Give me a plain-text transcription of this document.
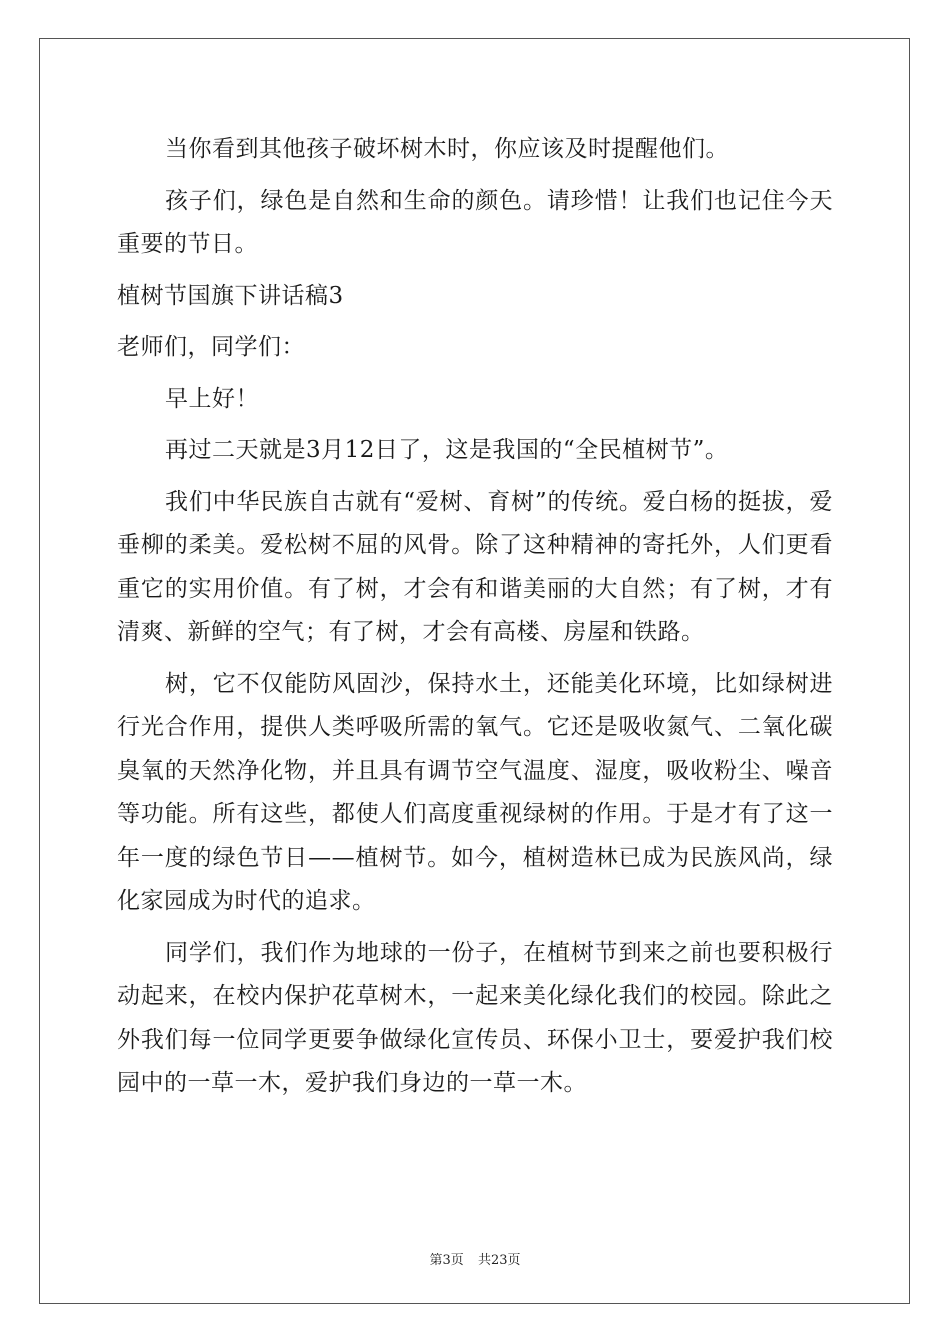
当你看到其他孩子破坏树木时，你应该及时提醒他们。

孩子们，绿色是自然和生命的颜色。请珍惜！让我们也记住今天重要的节日。

植树节国旗下讲话稿3

老师们，同学们：

早上好！

再过二天就是3月12日了，这是我国的“全民植树节”。

我们中华民族自古就有“爱树、育树”的传统。爱白杨的挺拔，爱垂柳的柔美。爱松树不屈的风骨。除了这种精神的寄托外，人们更看重它的实用价值。有了树，才会有和谐美丽的大自然；有了树，才有清爽、新鲜的空气；有了树，才会有高楼、房屋和铁路。

树，它不仅能防风固沙，保持水土，还能美化环境，比如绿树进行光合作用，提供人类呼吸所需的氧气。它还是吸收氮气、二氧化碳臭氧的天然净化物，并且具有调节空气温度、湿度，吸收粉尘、噪音等功能。所有这些，都使人们高度重视绿树的作用。于是才有了这一年一度的绿色节日——植树节。如今，植树造林已成为民族风尚，绿化家园成为时代的追求。

同学们，我们作为地球的一份子，在植树节到来之前也要积极行动起来，在校内保护花草树木，一起来美化绿化我们的校园。除此之外我们每一位同学更要争做绿化宣传员、环保小卫士，要爱护我们校园中的一草一木，爱护我们身边的一草一木。

第3页 共23页
